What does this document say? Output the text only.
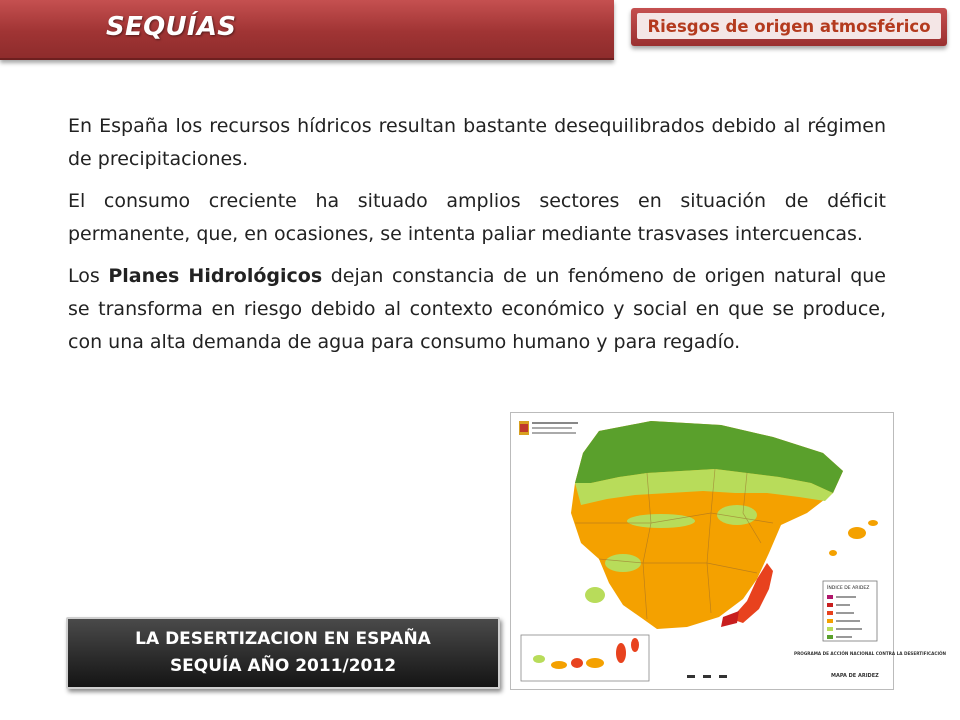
SEQUÍAS	Riesgos de origen atmosférico

En España los recursos hídricos resultan bastante desequilibrados debido al régimen de precipitaciones.

El consumo creciente ha situado amplios sectores en situación de déficit permanente, que, en ocasiones, se intenta paliar mediante trasvases intercuencas.

Los Planes Hidrológicos dejan constancia de un fenómeno de origen natural que se transforma en riesgo debido al contexto económico y social en que se produce, con una alta demanda de agua para consumo humano y para regadío.

ÍNDICE DE ARIDEZ
PROGRAMA DE ACCIÓN NACIONAL CONTRA LA DESERTIFICACIÓN
MAPA DE ARIDEZ
LA DESERTIZACION EN ESPAÑA
SEQUÍA AÑO 2011/2012
